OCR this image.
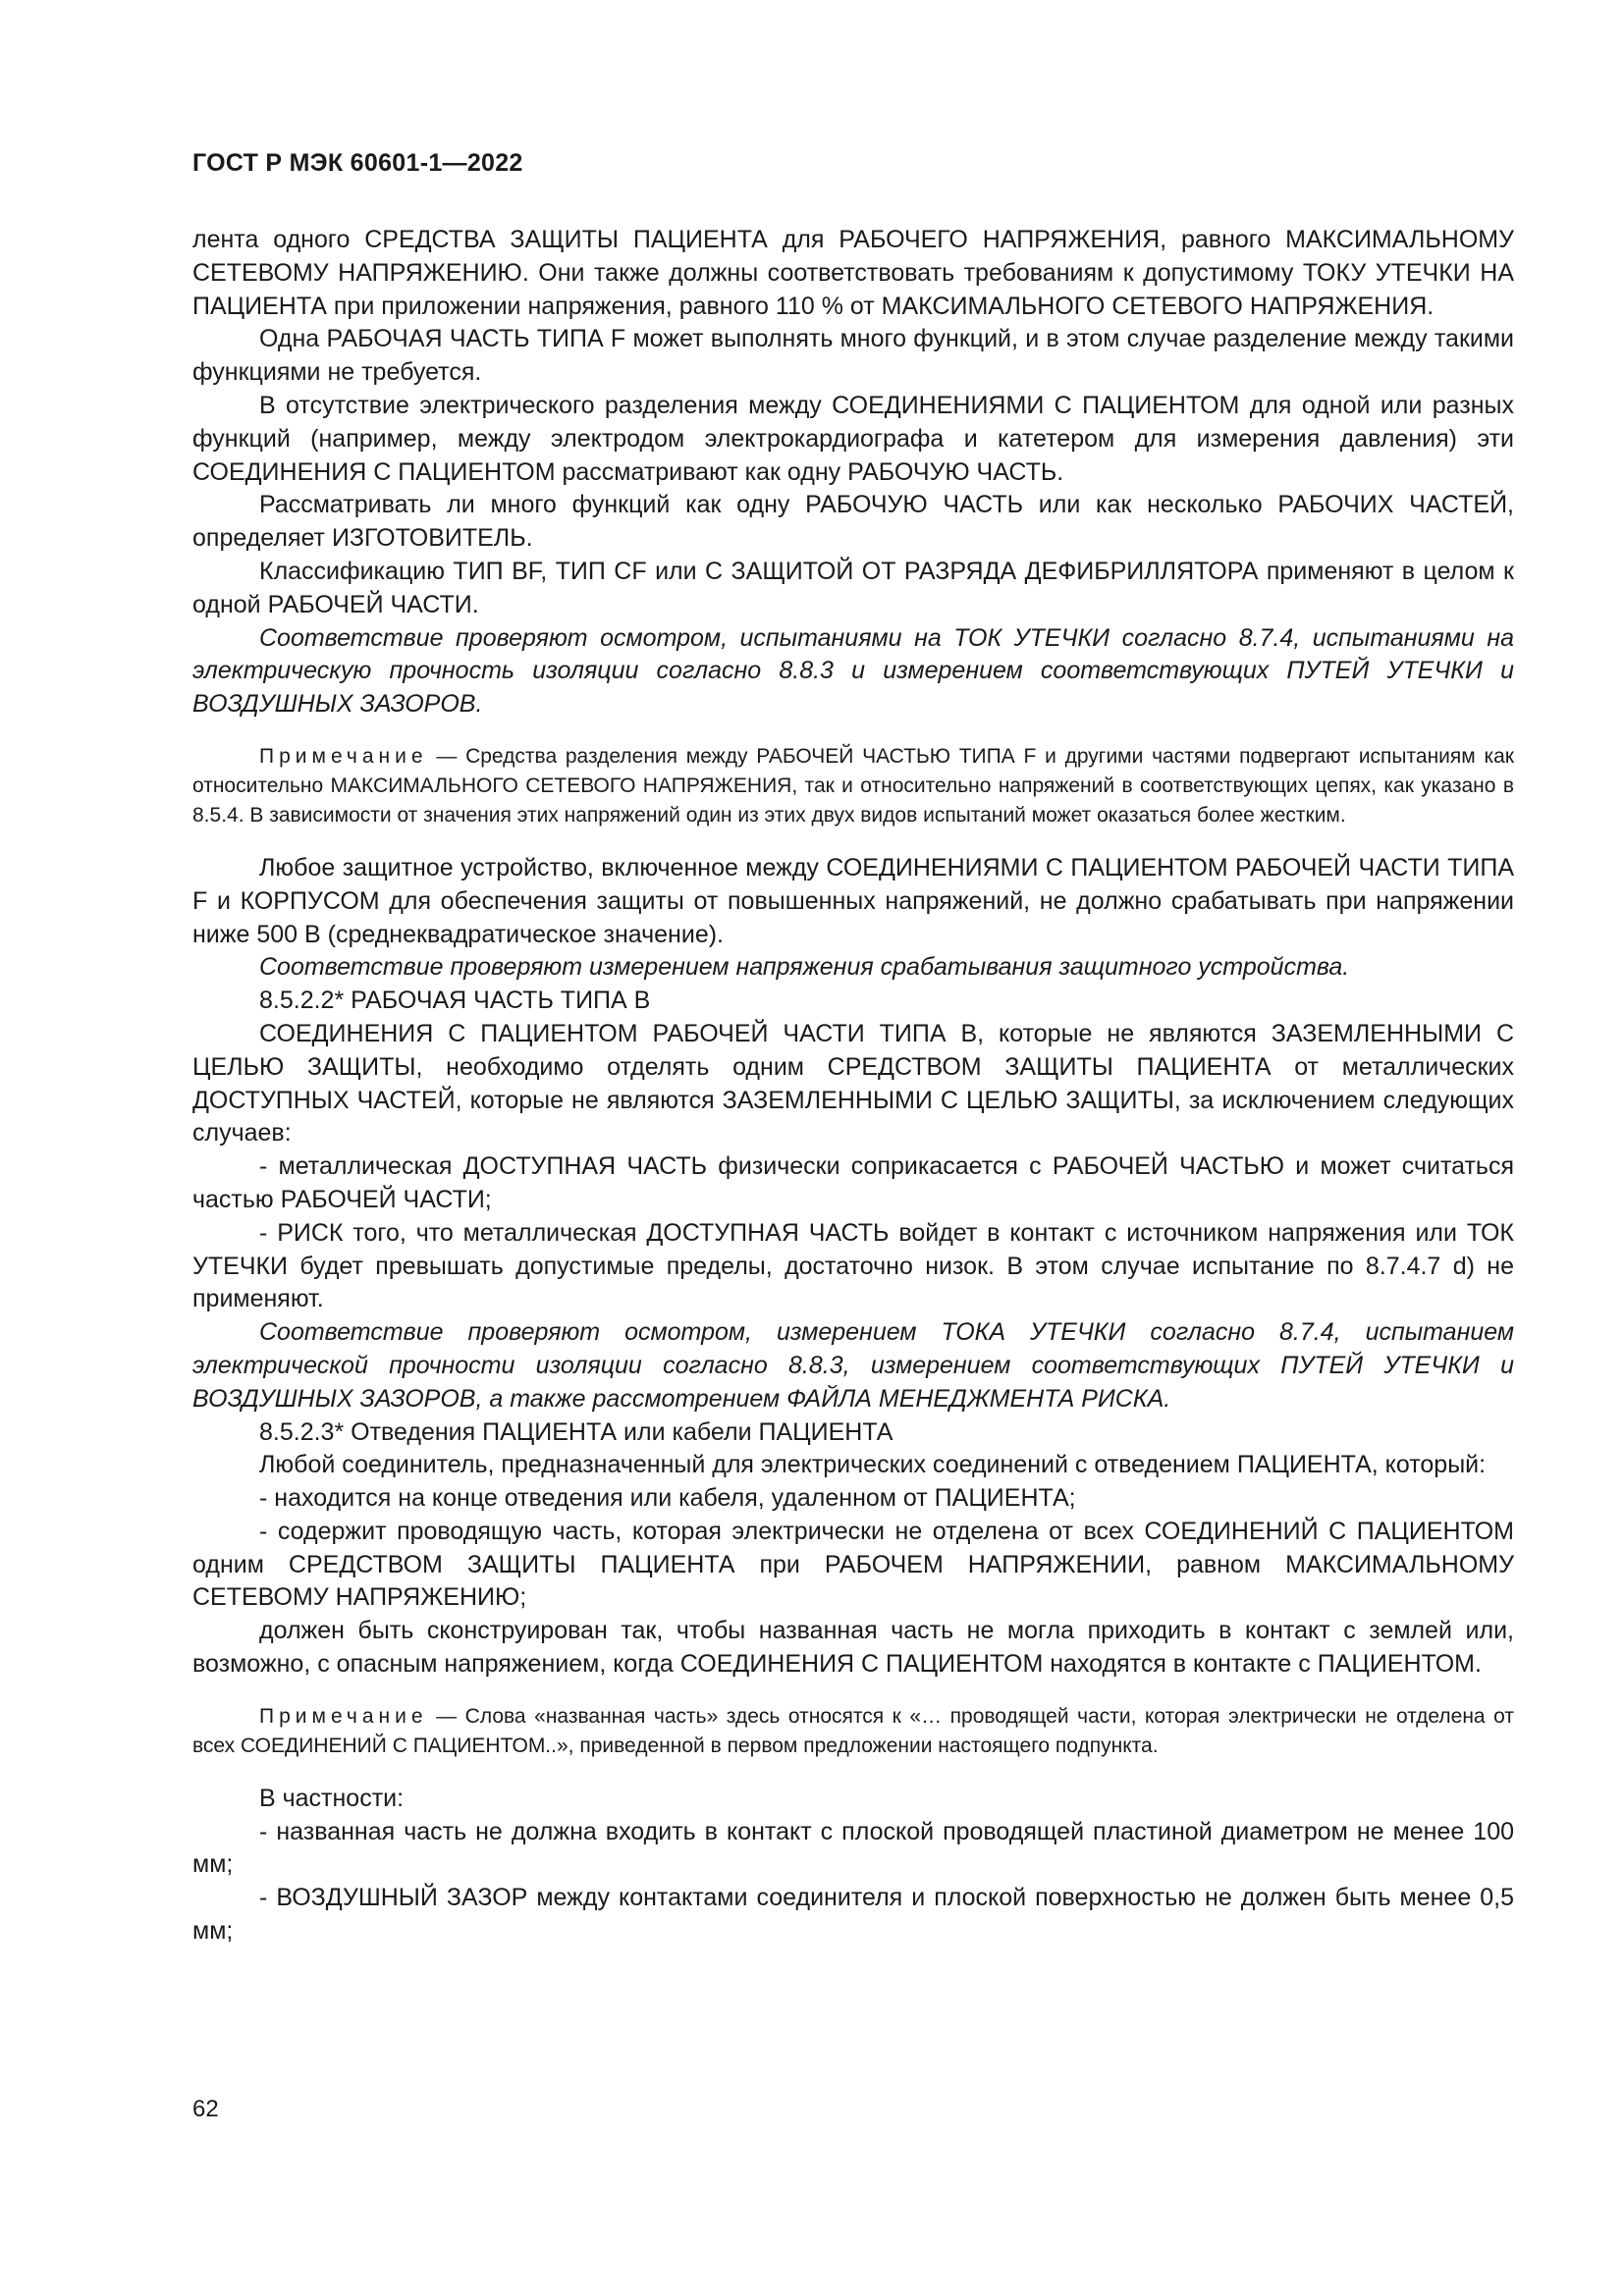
ГОСТ Р МЭК 60601-1—2022

лента одного СРЕДСТВА ЗАЩИТЫ ПАЦИЕНТА для РАБОЧЕГО НАПРЯЖЕНИЯ, равного МАКСИМАЛЬНОМУ СЕТЕВОМУ НАПРЯЖЕНИЮ. Они также должны соответствовать требованиям к допустимому ТОКУ УТЕЧКИ НА ПАЦИЕНТА при приложении напряжения, равного 110 % от МАКСИМАЛЬНОГО СЕТЕВОГО НАПРЯЖЕНИЯ.

Одна РАБОЧАЯ ЧАСТЬ ТИПА F может выполнять много функций, и в этом случае разделение между такими функциями не требуется.

В отсутствие электрического разделения между СОЕДИНЕНИЯМИ С ПАЦИЕНТОМ для одной или разных функций (например, между электродом электрокардиографа и катетером для измерения давления) эти СОЕДИНЕНИЯ С ПАЦИЕНТОМ рассматривают как одну РАБОЧУЮ ЧАСТЬ.

Рассматривать ли много функций как одну РАБОЧУЮ ЧАСТЬ или как несколько РАБОЧИХ ЧАСТЕЙ, определяет ИЗГОТОВИТЕЛЬ.

Классификацию ТИП BF, ТИП CF или С ЗАЩИТОЙ ОТ РАЗРЯДА ДЕФИБРИЛЛЯТОРА применяют в целом к одной РАБОЧЕЙ ЧАСТИ.

Соответствие проверяют осмотром, испытаниями на ТОК УТЕЧКИ согласно 8.7.4, испытаниями на электрическую прочность изоляции согласно 8.8.3 и измерением соответствующих ПУТЕЙ УТЕЧКИ и ВОЗДУШНЫХ ЗАЗОРОВ.

Примечание — Средства разделения между РАБОЧЕЙ ЧАСТЬЮ ТИПА F и другими частями подвергают испытаниям как относительно МАКСИМАЛЬНОГО СЕТЕВОГО НАПРЯЖЕНИЯ, так и относительно напряжений в соответствующих цепях, как указано в 8.5.4. В зависимости от значения этих напряжений один из этих двух видов испытаний может оказаться более жестким.

Любое защитное устройство, включенное между СОЕДИНЕНИЯМИ С ПАЦИЕНТОМ РАБОЧЕЙ ЧАСТИ ТИПА F и КОРПУСОМ для обеспечения защиты от повышенных напряжений, не должно срабатывать при напряжении ниже 500 В (среднеквадратическое значение).

Соответствие проверяют измерением напряжения срабатывания защитного устройства.

8.5.2.2* РАБОЧАЯ ЧАСТЬ ТИПА В

СОЕДИНЕНИЯ С ПАЦИЕНТОМ РАБОЧЕЙ ЧАСТИ ТИПА В, которые не являются ЗАЗЕМЛЕННЫМИ С ЦЕЛЬЮ ЗАЩИТЫ, необходимо отделять одним СРЕДСТВОМ ЗАЩИТЫ ПАЦИЕНТА от металлических ДОСТУПНЫХ ЧАСТЕЙ, которые не являются ЗАЗЕМЛЕННЫМИ С ЦЕЛЬЮ ЗАЩИТЫ, за исключением следующих случаев:

- металлическая ДОСТУПНАЯ ЧАСТЬ физически соприкасается с РАБОЧЕЙ ЧАСТЬЮ и может считаться частью РАБОЧЕЙ ЧАСТИ;

- РИСК того, что металлическая ДОСТУПНАЯ ЧАСТЬ войдет в контакт с источником напряжения или ТОК УТЕЧКИ будет превышать допустимые пределы, достаточно низок. В этом случае испытание по 8.7.4.7 d) не применяют.

Соответствие проверяют осмотром, измерением ТОКА УТЕЧКИ согласно 8.7.4, испытанием электрической прочности изоляции согласно 8.8.3, измерением соответствующих ПУТЕЙ УТЕЧКИ и ВОЗДУШНЫХ ЗАЗОРОВ, а также рассмотрением ФАЙЛА МЕНЕДЖМЕНТА РИСКА.

8.5.2.3* Отведения ПАЦИЕНТА или кабели ПАЦИЕНТА

Любой соединитель, предназначенный для электрических соединений с отведением ПАЦИЕНТА, который:

- находится на конце отведения или кабеля, удаленном от ПАЦИЕНТА;

- содержит проводящую часть, которая электрически не отделена от всех СОЕДИНЕНИЙ С ПАЦИЕНТОМ одним СРЕДСТВОМ ЗАЩИТЫ ПАЦИЕНТА при РАБОЧЕМ НАПРЯЖЕНИИ, равном МАКСИМАЛЬНОМУ СЕТЕВОМУ НАПРЯЖЕНИЮ;

должен быть сконструирован так, чтобы названная часть не могла приходить в контакт с землей или, возможно, с опасным напряжением, когда СОЕДИНЕНИЯ С ПАЦИЕНТОМ находятся в контакте с ПАЦИЕНТОМ.

Примечание — Слова «названная часть» здесь относятся к «… проводящей части, которая электрически не отделена от всех СОЕДИНЕНИЙ С ПАЦИЕНТОМ..», приведенной в первом предложении настоящего подпункта.

В частности:

- названная часть не должна входить в контакт с плоской проводящей пластиной диаметром не менее 100 мм;

- ВОЗДУШНЫЙ ЗАЗОР между контактами соединителя и плоской поверхностью не должен быть менее 0,5 мм;

62
